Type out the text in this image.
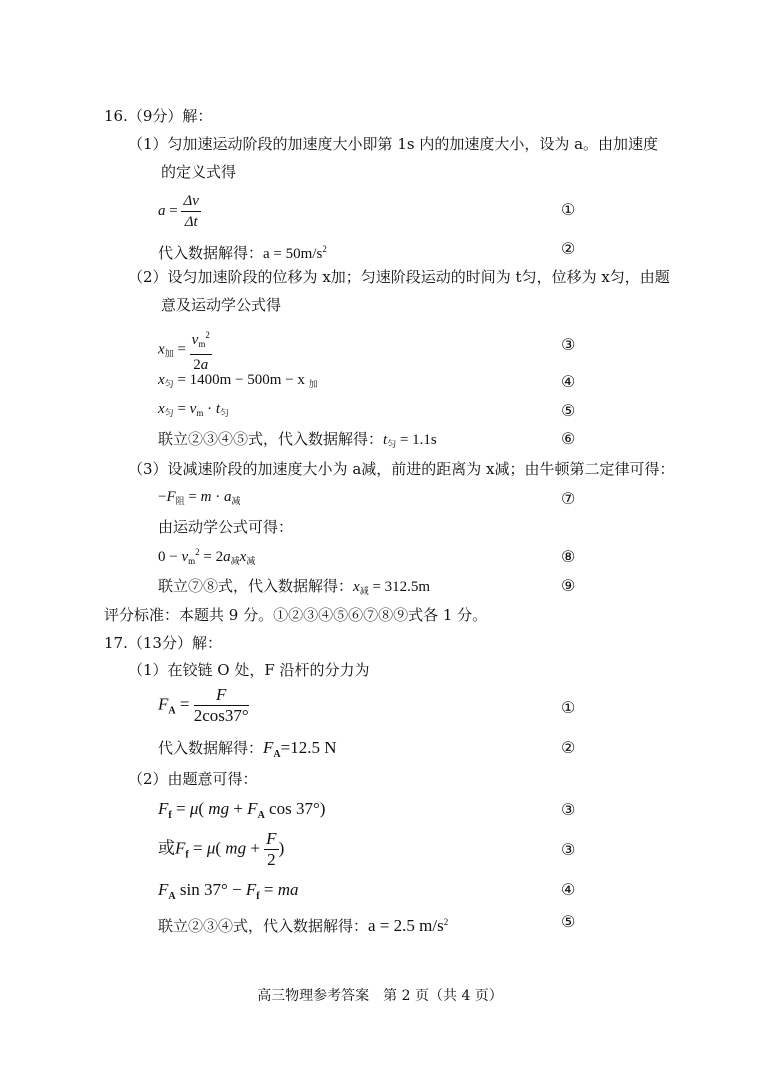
16.（9分）解：
（1）匀加速运动阶段的加速度大小即第 1s 内的加速度大小，设为 a。由加速度
的定义式得
$a = \frac{\Delta v}{\Delta t}$	①
代入数据解得：$a = 50m/s^2$	②
（2）设匀加速阶段的位移为 x加；匀速阶段运动的时间为 t匀，位移为 x匀，由题
意及运动学公式得
$x_加 = \frac{v_m^2}{2a}$	③
$x_匀 = 1400m - 500m - x$ $_加$	④
$x_匀 = v_m \cdot t_匀$	⑤
联立②③④⑤式，代入数据解得：$t_匀 = 1.1s$	⑥
（3）设减速阶段的加速度大小为 a减，前进的距离为 x减；由牛顿第二定律可得：
$-F_阻 = m \cdot a_减$	⑦
由运动学公式可得：
$0 - v_m^2 = 2a_减x_减$	⑧
联立⑦⑧式，代入数据解得：$x_减 = 312.5m$	⑨
评分标准：本题共 9 分。①②③④⑤⑥⑦⑧⑨式各 1 分。
17.（13分）解：
（1）在铰链 O 处，F 沿杆的分力为
$F_A = \frac{F}{2\cos 37^\circ}$	①
代入数据解得：$F_A=12.5$ N	②
（2）由题意可得：
$F_f = \mu$( mg + $F_A$ cos 37°)	③
或$F_f = \mu$( mg + $\frac{F}{2}$ )	③
$F_A$ $\sin 37^\circ - F_f$ = ma	④
联立②③④式，代入数据解得：a = 2.5 $m/s^2$	⑤
高三物理参考答案　第 2 页（共 4 页）
